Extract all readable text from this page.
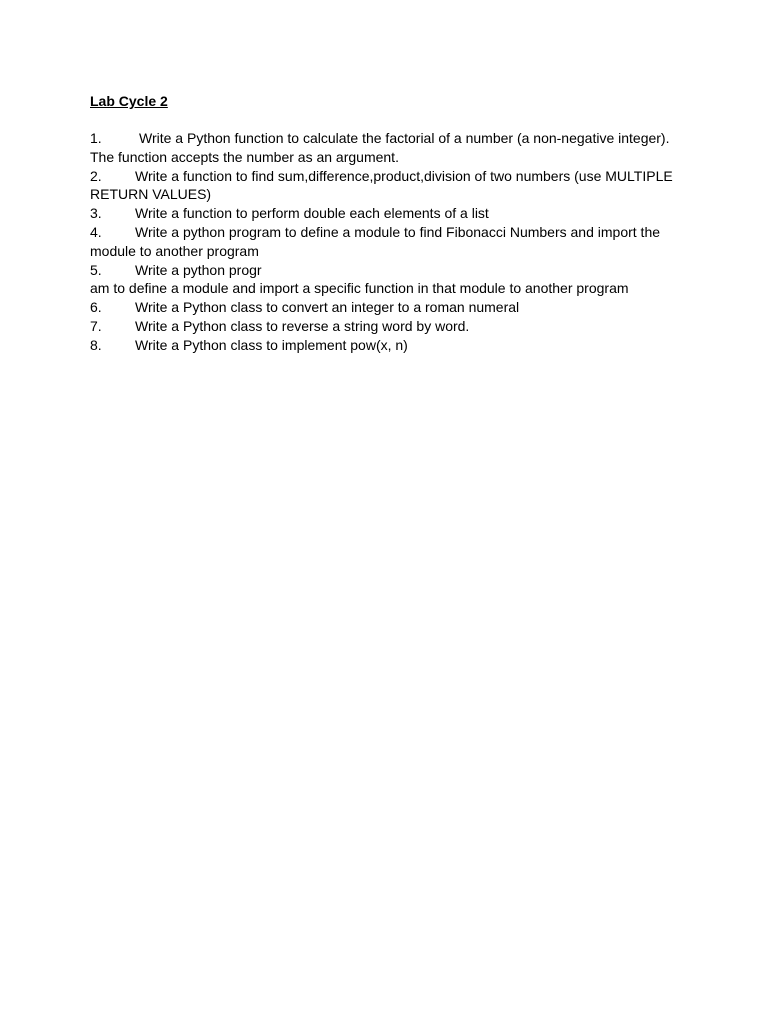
Lab Cycle 2
1.	Write a Python function to calculate the factorial of a number (a non-negative integer).
The function accepts the number as an argument.
2. Write a function to find sum,difference,product,division of two numbers (use MULTIPLE
RETURN VALUES)
3. Write a function to perform double each elements of a list
4. Write a python program to define a module to find Fibonacci Numbers and import the
module to another program
5. Write a python progr
am to define a module and import a specific function in that module to another program
6. Write a Python class to convert an integer to a roman numeral
7. Write a Python class to reverse a string word by word.
8. Write a Python class to implement pow(x, n)
